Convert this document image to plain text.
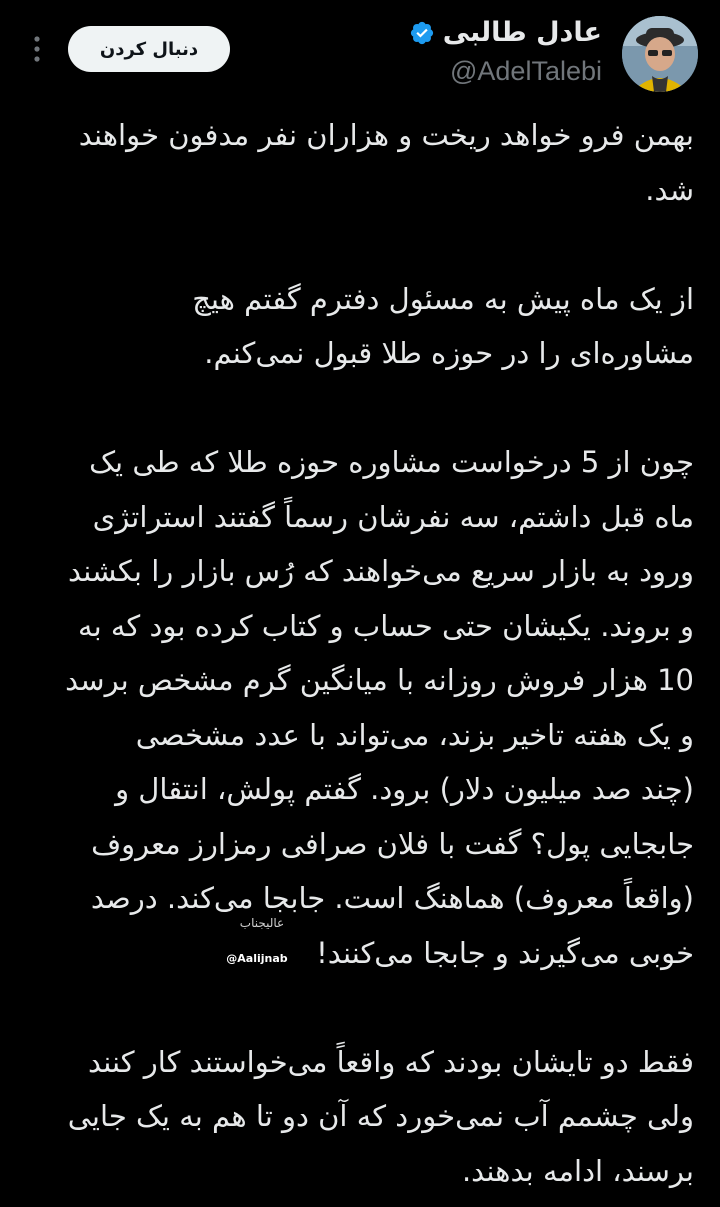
عادل طالبی
@AdelTalebi
دنبال کردن
بهمن فرو خواهد ریخت و هزاران نفر مدفون خواهند
شد.
از یک ماه پیش به مسئول دفترم گفتم هیچ
مشاوره‌ای را در حوزه طلا قبول نمی‌کنم.
چون از 5 درخواست مشاوره حوزه طلا که طی یک
ماه قبل داشتم، سه نفرشان رسماً گفتند استراتژی
ورود به بازار سریع می‌خواهند که رُس بازار را بکشند
و بروند. یکیشان حتی حساب و کتاب کرده بود که به
10 هزار فروش روزانه با میانگین گرم مشخص برسد
و یک هفته تاخیر بزند، می‌تواند با عدد مشخصی
(چند صد میلیون دلار) برود. گفتم پولش، انتقال و
جابجایی پول؟ گفت با فلان صرافی رمزارز معروف
(واقعاً معروف) هماهنگ است. جابجا می‌کند. درصد
خوبی می‌گیرند و جابجا می‌کنند!
فقط دو تایشان بودند که واقعاً می‌خواستند کار کنند
ولی چشمم آب نمی‌خورد که آن دو تا هم به یک جایی
برسند، ادامه بدهند.
عالیجناب
@Aalijnab
